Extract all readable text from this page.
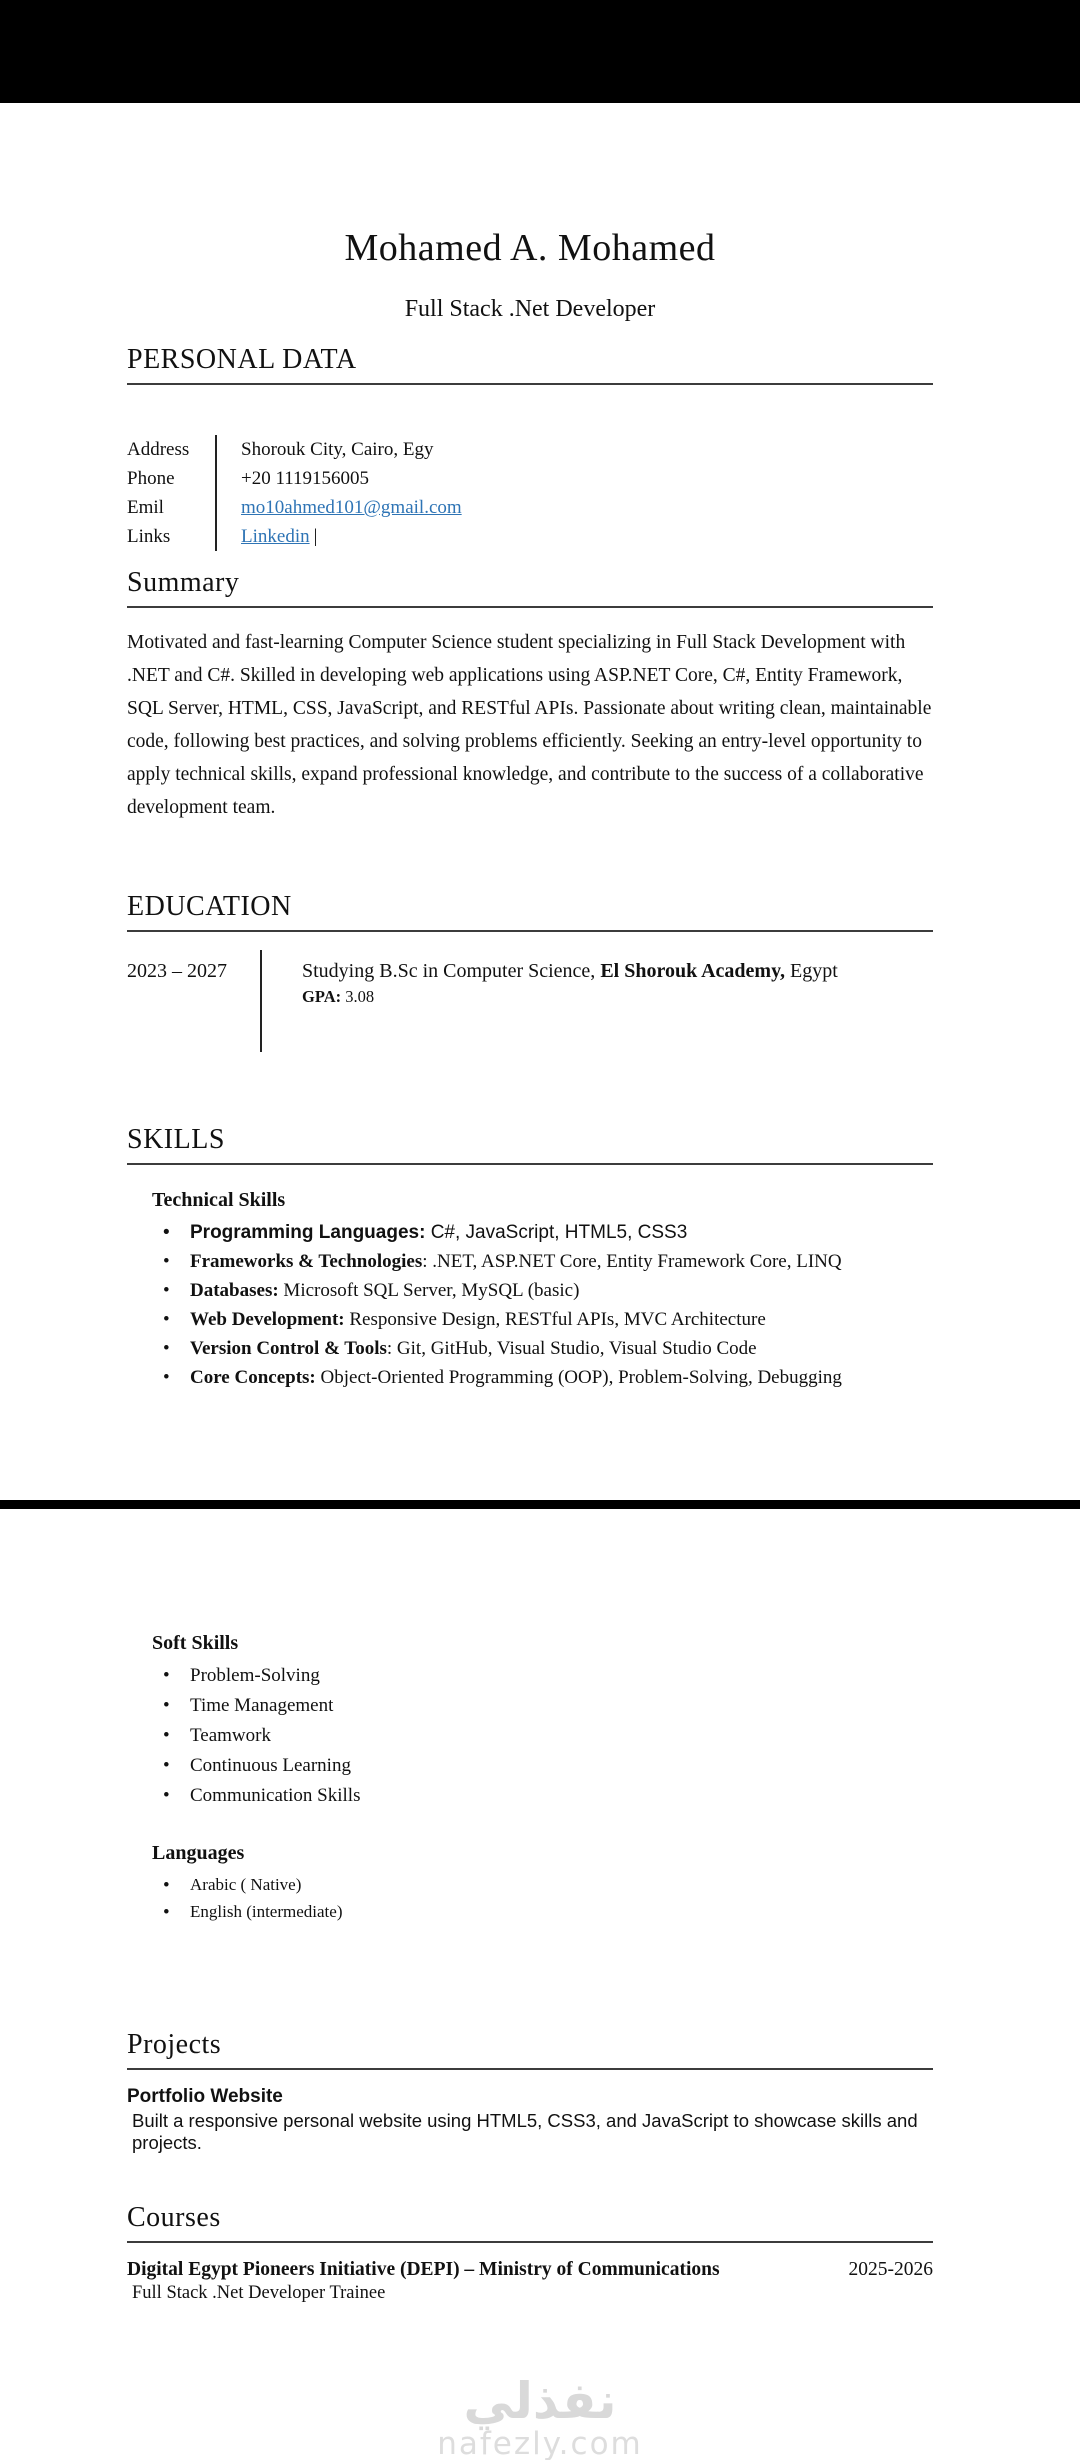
Mohamed A. Mohamed
Full Stack .Net Developer
PERSONAL DATA
Address
Phone
Emil
Links
Shorouk City, Cairo, Egy
+20 1119156005
mo10ahmed101@gmail.com
Linkedin |
Summary

Motivated and fast-learning Computer Science student specializing in Full Stack Development with .NET and C#. Skilled in developing web applications using ASP.NET Core, C#, Entity Framework, SQL Server, HTML, CSS, JavaScript, and RESTful APIs. Passionate about writing clean, maintainable code, following best practices, and solving problems efficiently. Seeking an entry-level opportunity to apply technical skills, expand professional knowledge, and contribute to the success of a collaborative development team.

EDUCATION
2023 – 2027	Studying B.Sc in Computer Science, El Shorouk Academy, Egypt
GPA: 3.08
SKILLS
Technical Skills
• Programming Languages: C#, JavaScript, HTML5, CSS3
• Frameworks & Technologies: .NET, ASP.NET Core, Entity Framework Core, LINQ
• Databases: Microsoft SQL Server, MySQL (basic)
• Web Development: Responsive Design, RESTful APIs, MVC Architecture
• Version Control & Tools: Git, GitHub, Visual Studio, Visual Studio Code
• Core Concepts: Object-Oriented Programming (OOP), Problem-Solving, Debugging
Soft Skills
• Problem-Solving
• Time Management
• Teamwork
• Continuous Learning
• Communication Skills
Languages
• Arabic ( Native)
• English (intermediate)
Projects
Portfolio Website
Built a responsive personal website using HTML5, CSS3, and JavaScript to showcase skills and projects.
Courses
Digital Egypt Pioneers Initiative (DEPI) – Ministry of Communications	2025-2026
Full Stack .Net Developer Trainee
نفذلي
nafezly.com
